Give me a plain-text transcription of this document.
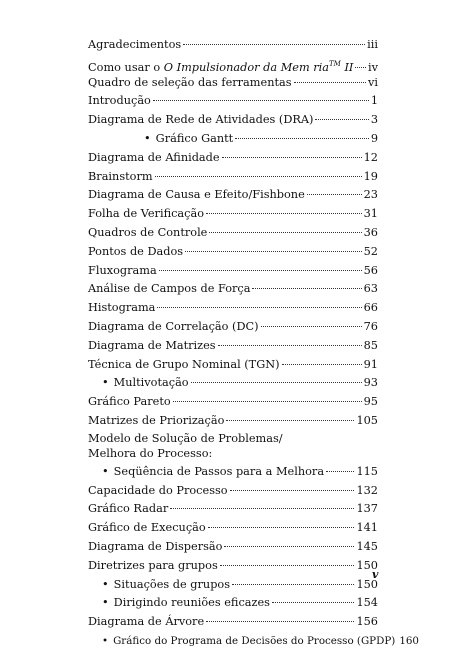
Agradecimentos	iii
Como usar o O Impulsionador da Mem ria™ II iv
Quadro de seleção das ferramentas	vi
Introdução	1
Diagrama de Rede de Atividades (DRA)	3
• Gráfico Gantt	9
Diagrama de Afinidade	12
Brainstorm	19
Diagrama de Causa e Efeito/Fishbone	23
Folha de Verificação	31
Quadros de Controle	36
Pontos de Dados	52
Fluxograma	56
Análise de Campos de Força	63
Histograma	66
Diagrama de Correlação (DC)	76
Diagrama de Matrizes	85
Técnica de Grupo Nominal (TGN)	91
• Multivotação	93
Gráfico Pareto	95
Matrizes de Priorização	105
Modelo de Solução de Problemas/
Melhora do Processo:
• Seqüência de Passos para a Melhora	115
Capacidade do Processo	132
Gráfico Radar	137
Gráfico de Execução	141
Diagrama de Dispersão	145
Diretrizes para grupos	150
• Situações de grupos	150
• Dirigindo reuniões eficazes	154
Diagrama de Árvore	156
• Gráfico do Programa de Decisões do Processo (GPDP) 160
v
